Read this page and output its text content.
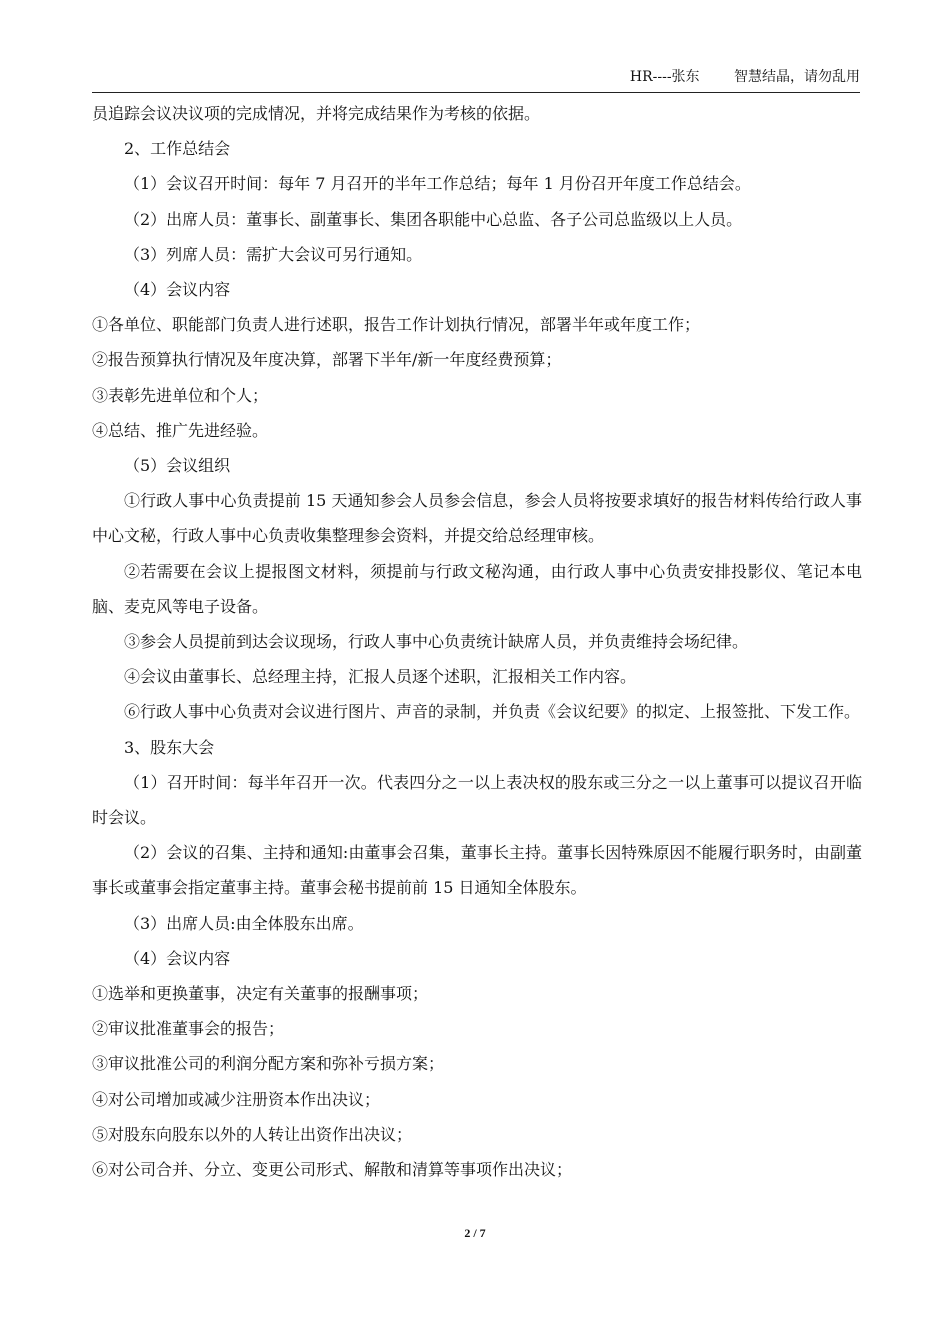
HR----张东 智慧结晶，请勿乱用

员追踪会议决议项的完成情况，并将完成结果作为考核的依据。

2、工作总结会

（1）会议召开时间：每年 7 月召开的半年工作总结；每年 1 月份召开年度工作总结会。

（2）出席人员：董事长、副董事长、集团各职能中心总监、各子公司总监级以上人员。

（3）列席人员：需扩大会议可另行通知。

（4）会议内容

①各单位、职能部门负责人进行述职，报告工作计划执行情况，部署半年或年度工作；

②报告预算执行情况及年度决算，部署下半年/新一年度经费预算；

③表彰先进单位和个人；

④总结、推广先进经验。

（5）会议组织

①行政人事中心负责提前 15 天通知参会人员参会信息，参会人员将按要求填好的报告材料传给行政人事中心文秘，行政人事中心负责收集整理参会资料，并提交给总经理审核。

②若需要在会议上提报图文材料，须提前与行政文秘沟通，由行政人事中心负责安排投影仪、笔记本电脑、麦克风等电子设备。

③参会人员提前到达会议现场，行政人事中心负责统计缺席人员，并负责维持会场纪律。

④会议由董事长、总经理主持，汇报人员逐个述职，汇报相关工作内容。

⑥行政人事中心负责对会议进行图片、声音的录制，并负责《会议纪要》的拟定、上报签批、下发工作。

3、股东大会

（1）召开时间：每半年召开一次。代表四分之一以上表决权的股东或三分之一以上董事可以提议召开临时会议。

（2）会议的召集、主持和通知:由董事会召集，董事长主持。董事长因特殊原因不能履行职务时，由副董事长或董事会指定董事主持。董事会秘书提前前 15 日通知全体股东。

（3）出席人员:由全体股东出席。

（4）会议内容

①选举和更换董事，决定有关董事的报酬事项；

②审议批准董事会的报告；

③审议批准公司的利润分配方案和弥补亏损方案；

④对公司增加或减少注册资本作出决议；

⑤对股东向股东以外的人转让出资作出决议；

⑥对公司合并、分立、变更公司形式、解散和清算等事项作出决议；

2 / 7
